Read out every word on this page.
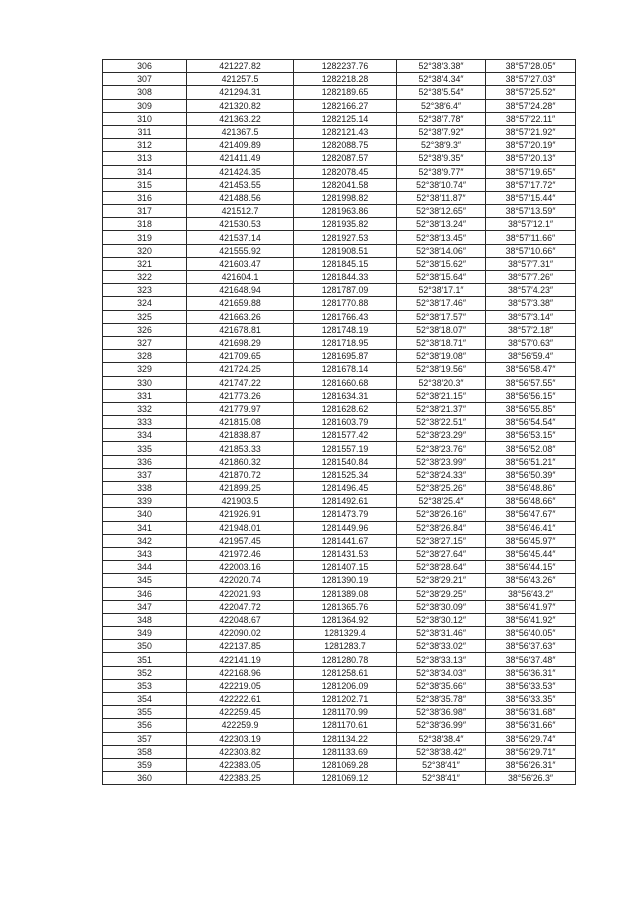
306	421227.82	1282237.76	52°38′3.38″	38°57′28.05″
307	421257.5	1282218.28	52°38′4.34″	38°57′27.03″
308	421294.31	1282189.65	52°38′5.54″	38°57′25.52″
309	421320.82	1282166.27	52°38′6.4″	38°57′24.28″
310	421363.22	1282125.14	52°38′7.78″	38°57′22.11″
311	421367.5	1282121.43	52°38′7.92″	38°57′21.92″
312	421409.89	1282088.75	52°38′9.3″	38°57′20.19″
313	421411.49	1282087.57	52°38′9.35″	38°57′20.13″
314	421424.35	1282078.45	52°38′9.77″	38°57′19.65″
315	421453.55	1282041.58	52°38′10.74″	38°57′17.72″
316	421488.56	1281998.82	52°38′11.87″	38°57′15.44″
317	421512.7	1281963.86	52°38′12.65″	38°57′13.59″
318	421530.53	1281935.82	52°38′13.24″	38°57′12.1″
319	421537.14	1281927.53	52°38′13.45″	38°57′11.66″
320	421555.92	1281908.51	52°38′14.06″	38°57′10.66″
321	421603.47	1281845.15	52°38′15.62″	38°57′7.31″
322	421604.1	1281844.33	52°38′15.64″	38°57′7.26″
323	421648.94	1281787.09	52°38′17.1″	38°57′4.23″
324	421659.88	1281770.88	52°38′17.46″	38°57′3.38″
325	421663.26	1281766.43	52°38′17.57″	38°57′3.14″
326	421678.81	1281748.19	52°38′18.07″	38°57′2.18″
327	421698.29	1281718.95	52°38′18.71″	38°57′0.63″
328	421709.65	1281695.87	52°38′19.08″	38°56′59.4″
329	421724.25	1281678.14	52°38′19.56″	38°56′58.47″
330	421747.22	1281660.68	52°38′20.3″	38°56′57.55″
331	421773.26	1281634.31	52°38′21.15″	38°56′56.15″
332	421779.97	1281628.62	52°38′21.37″	38°56′55.85″
333	421815.08	1281603.79	52°38′22.51″	38°56′54.54″
334	421838.87	1281577.42	52°38′23.29″	38°56′53.15″
335	421853.33	1281557.19	52°38′23.76″	38°56′52.08″
336	421860.32	1281540.84	52°38′23.99″	38°56′51.21″
337	421870.72	1281525.34	52°38′24.33″	38°56′50.39″
338	421899.25	1281496.45	52°38′25.26″	38°56′48.86″
339	421903.5	1281492.61	52°38′25.4″	38°56′48.66″
340	421926.91	1281473.79	52°38′26.16″	38°56′47.67″
341	421948.01	1281449.96	52°38′26.84″	38°56′46.41″
342	421957.45	1281441.67	52°38′27.15″	38°56′45.97″
343	421972.46	1281431.53	52°38′27.64″	38°56′45.44″
344	422003.16	1281407.15	52°38′28.64″	38°56′44.15″
345	422020.74	1281390.19	52°38′29.21″	38°56′43.26″
346	422021.93	1281389.08	52°38′29.25″	38°56′43.2″
347	422047.72	1281365.76	52°38′30.09″	38°56′41.97″
348	422048.67	1281364.92	52°38′30.12″	38°56′41.92″
349	422090.02	1281329.4	52°38′31.46″	38°56′40.05″
350	422137.85	1281283.7	52°38′33.02″	38°56′37.63″
351	422141.19	1281280.78	52°38′33.13″	38°56′37.48″
352	422168.96	1281258.61	52°38′34.03″	38°56′36.31″
353	422219.05	1281206.09	52°38′35.66″	38°56′33.53″
354	422222.61	1281202.71	52°38′35.78″	38°56′33.35″
355	422259.45	1281170.99	52°38′36.98″	38°56′31.68″
356	422259.9	1281170.61	52°38′36.99″	38°56′31.66″
357	422303.19	1281134.22	52°38′38.4″	38°56′29.74″
358	422303.82	1281133.69	52°38′38.42″	38°56′29.71″
359	422383.05	1281069.28	52°38′41″	38°56′26.31″
360	422383.25	1281069.12	52°38′41″	38°56′26.3″
